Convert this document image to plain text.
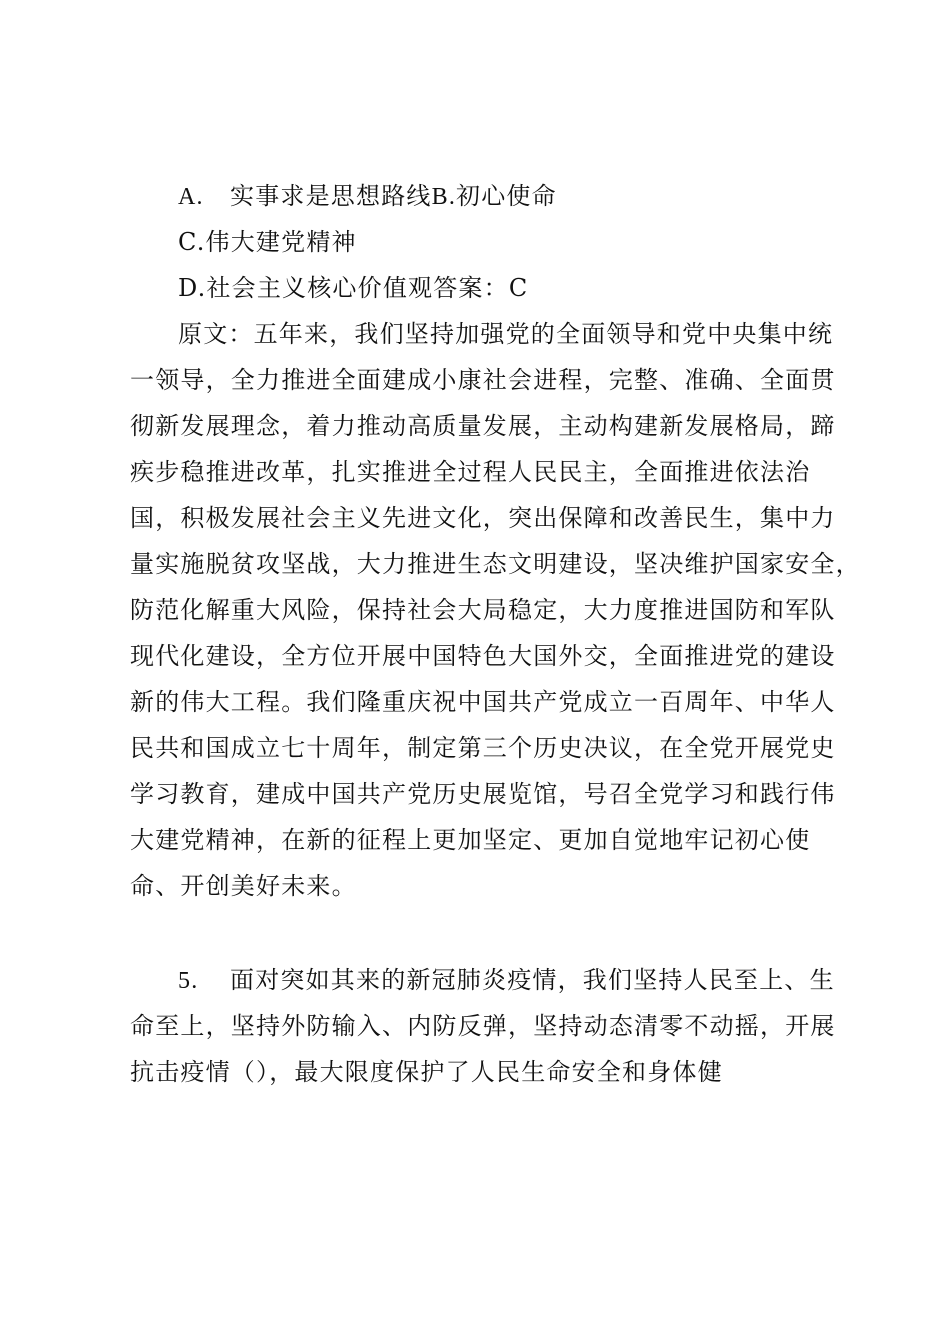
A. 实事求是思想路线B.初心使命
C.伟大建党精神
D.社会主义核心价值观答案：C
原文：五年来，我们坚持加强党的全面领导和党中央集中统
一领导，全力推进全面建成小康社会进程，完整、准确、全面贯
彻新发展理念，着力推动高质量发展，主动构建新发展格局，蹄
疾步稳推进改革，扎实推进全过程人民民主，全面推进依法治
国，积极发展社会主义先进文化，突出保障和改善民生，集中力
量实施脱贫攻坚战，大力推进生态文明建设，坚决维护国家安全，
防范化解重大风险，保持社会大局稳定，大力度推进国防和军队
现代化建设，全方位开展中国特色大国外交，全面推进党的建设
新的伟大工程。我们隆重庆祝中国共产党成立一百周年、中华人
民共和国成立七十周年，制定第三个历史决议，在全党开展党史
学习教育，建成中国共产党历史展览馆，号召全党学习和践行伟
大建党精神，在新的征程上更加坚定、更加自觉地牢记初心使
命、开创美好未来。
5. 面对突如其来的新冠肺炎疫情，我们坚持人民至上、生
命至上，坚持外防输入、内防反弹，坚持动态清零不动摇，开展
抗击疫情（），最大限度保护了人民生命安全和身体健
